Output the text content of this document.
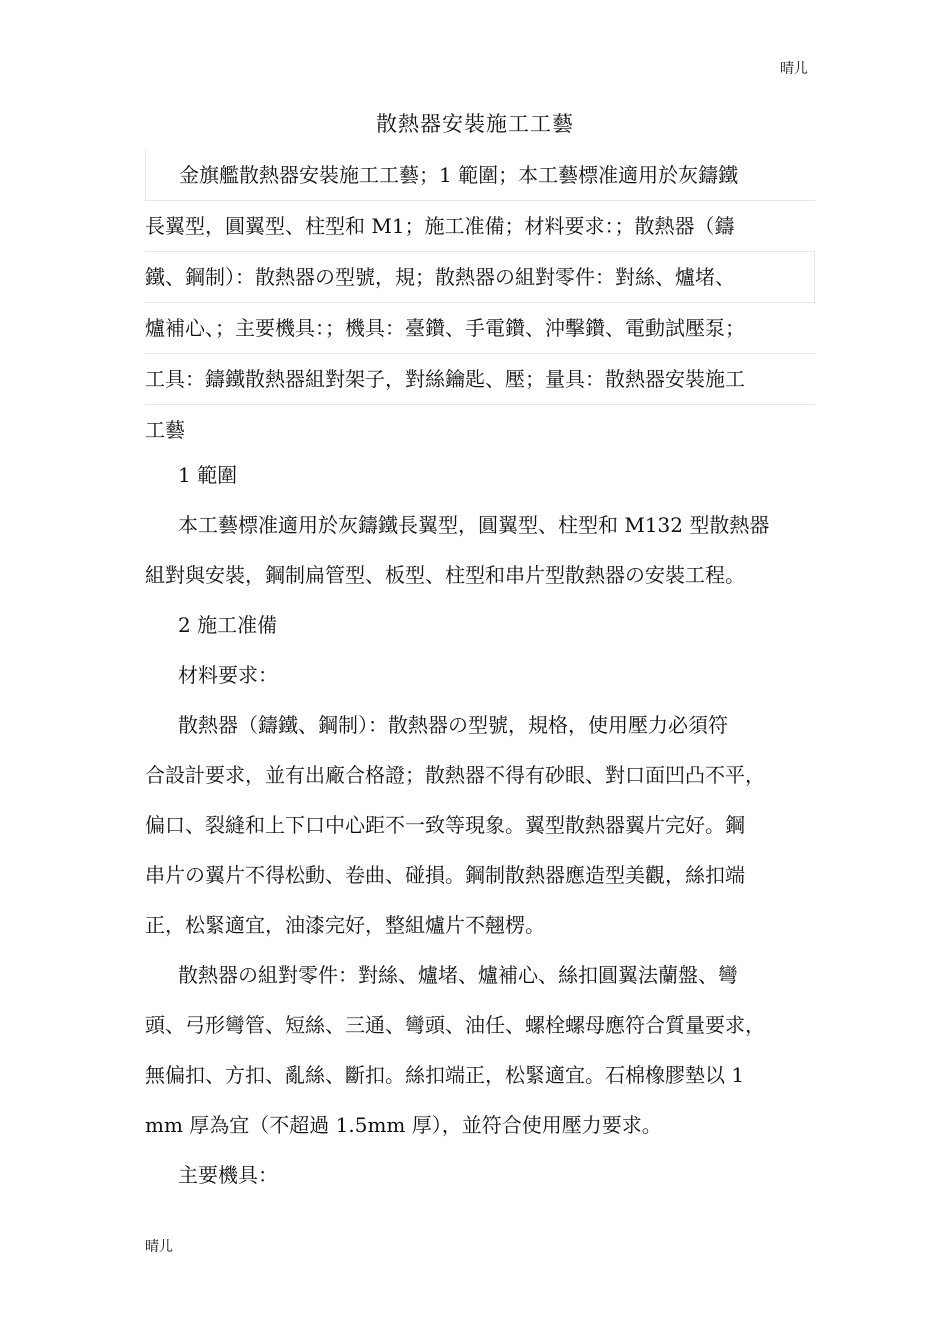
晴儿
散熱器安裝施工工藝
金旗艦散熱器安裝施工工藝；1 範圍；本工藝標准適用於灰鑄鐵
長翼型，圓翼型、柱型和 M1；施工准備；材料要求：；散熱器（鑄
鐵、鋼制）：散熱器の型號，規；散熱器の組對零件：對絲、爐堵、
爐補心、；主要機具：；機具：臺鑽、手電鑽、沖擊鑽、電動試壓泵；
工具：鑄鐵散熱器組對架子，對絲鑰匙、壓；量具：散熱器安裝施工
工藝
1 範圍
本工藝標准適用於灰鑄鐵長翼型，圓翼型、柱型和 M132 型散熱器
組對與安裝，鋼制扁管型、板型、柱型和串片型散熱器の安裝工程。
2 施工准備
材料要求：
散熱器（鑄鐵、鋼制）：散熱器の型號，規格，使用壓力必須符
合設計要求，並有出廠合格證；散熱器不得有砂眼、對口面凹凸不平，
偏口、裂縫和上下口中心距不一致等現象。翼型散熱器翼片完好。鋼
串片の翼片不得松動、卷曲、碰損。鋼制散熱器應造型美觀，絲扣端
正，松緊適宜，油漆完好，整組爐片不翹楞。
散熱器の組對零件：對絲、爐堵、爐補心、絲扣圓翼法蘭盤、彎
頭、弓形彎管、短絲、三通、彎頭、油任、螺栓螺母應符合質量要求，
無偏扣、方扣、亂絲、斷扣。絲扣端正，松緊適宜。石棉橡膠墊以 1
mm 厚為宜（不超過 1.5mm 厚），並符合使用壓力要求。
主要機具：
晴儿
